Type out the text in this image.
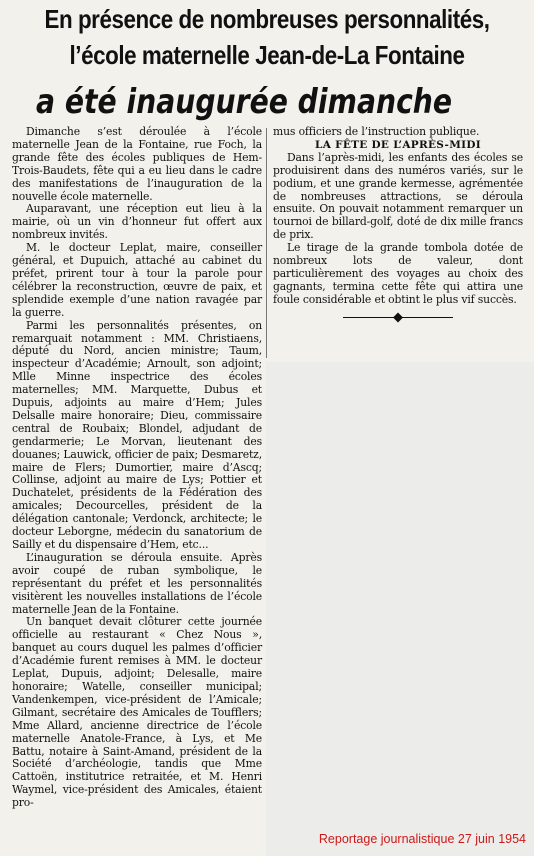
En présence de nombreuses personnalités,
l’école maternelle Jean-de-La Fontaine
a été inaugurée dimanche

Dimanche s’est déroulée à l’école maternelle Jean de la Fontaine, rue Foch, la grande fête des écoles publiques de Hem-Trois-Baudets, fête qui a eu lieu dans le cadre des manifestations de l’inauguration de la nouvelle école maternelle.

Auparavant, une réception eut lieu à la mairie, où un vin d’honneur fut offert aux nombreux invités.

M. le docteur Leplat, maire, conseiller général, et Dupuich, attaché au cabinet du préfet, prirent tour à tour la parole pour célébrer la reconstruction, œuvre de paix, et splendide exemple d’une nation ravagée par la guerre.

Parmi les personnalités présentes, on remarquait notamment : MM. Christiaens, député du Nord, ancien ministre; Taum, inspecteur d’Académie; Arnoult, son adjoint; Mlle Minne inspectrice des écoles maternelles; MM. Marquette, Dubus et Dupuis, adjoints au maire d’Hem; Jules Delsalle maire honoraire; Dieu, commissaire central de Roubaix; Blondel, adjudant de gendarmerie; Le Morvan, lieutenant des douanes; Lauwick, officier de paix; Desmaretz, maire de Flers; Dumortier, maire d’Ascq; Collinse, adjoint au maire de Lys; Pottier et Duchatelet, présidents de la Fédération des amicales; Decourcelles, président de la délégation cantonale; Verdonck, architecte; le docteur Leborgne, médecin du sanatorium de Sailly et du dispensaire d’Hem, etc...

L’inauguration se déroula ensuite. Après avoir coupé de ruban symbolique, le représentant du préfet et les personnalités visitèrent les nouvelles installations de l’école maternelle Jean de la Fontaine.

Un banquet devait clôturer cette journée officielle au restaurant « Chez Nous », banquet au cours duquel les palmes d’officier d’Académie furent remises à MM. le docteur Leplat, Dupuis, adjoint; Delesalle, maire honoraire; Watelle, conseiller municipal; Vandenkempen, vice-président de l’Amicale; Gilmant, secrétaire des Amicales de Toufflers; Mme Allard, ancienne directrice de l’école maternelle Anatole-France, à Lys, et Me Battu, notaire à Saint-Amand, président de la Société d’archéologie, tandis que Mme Cattoën, institutrice retraitée, et M. Henri Waymel, vice-président des Amicales, étaient pro-

mus officiers de l’instruction publique.

LA FÊTE DE L’APRÈS-MIDI

Dans l’après-midi, les enfants des écoles se produisirent dans des numéros variés, sur le podium, et une grande kermesse, agrémentée de nombreuses attractions, se déroula ensuite. On pouvait notamment remarquer un tournoi de billard-golf, doté de dix mille francs de prix.

Le tirage de la grande tombola dotée de nombreux lots de valeur, dont particulièrement des voyages au choix des gagnants, termina cette fête qui attira une foule considérable et obtint le plus vif succès.

Reportage journalistique 27 juin 1954
